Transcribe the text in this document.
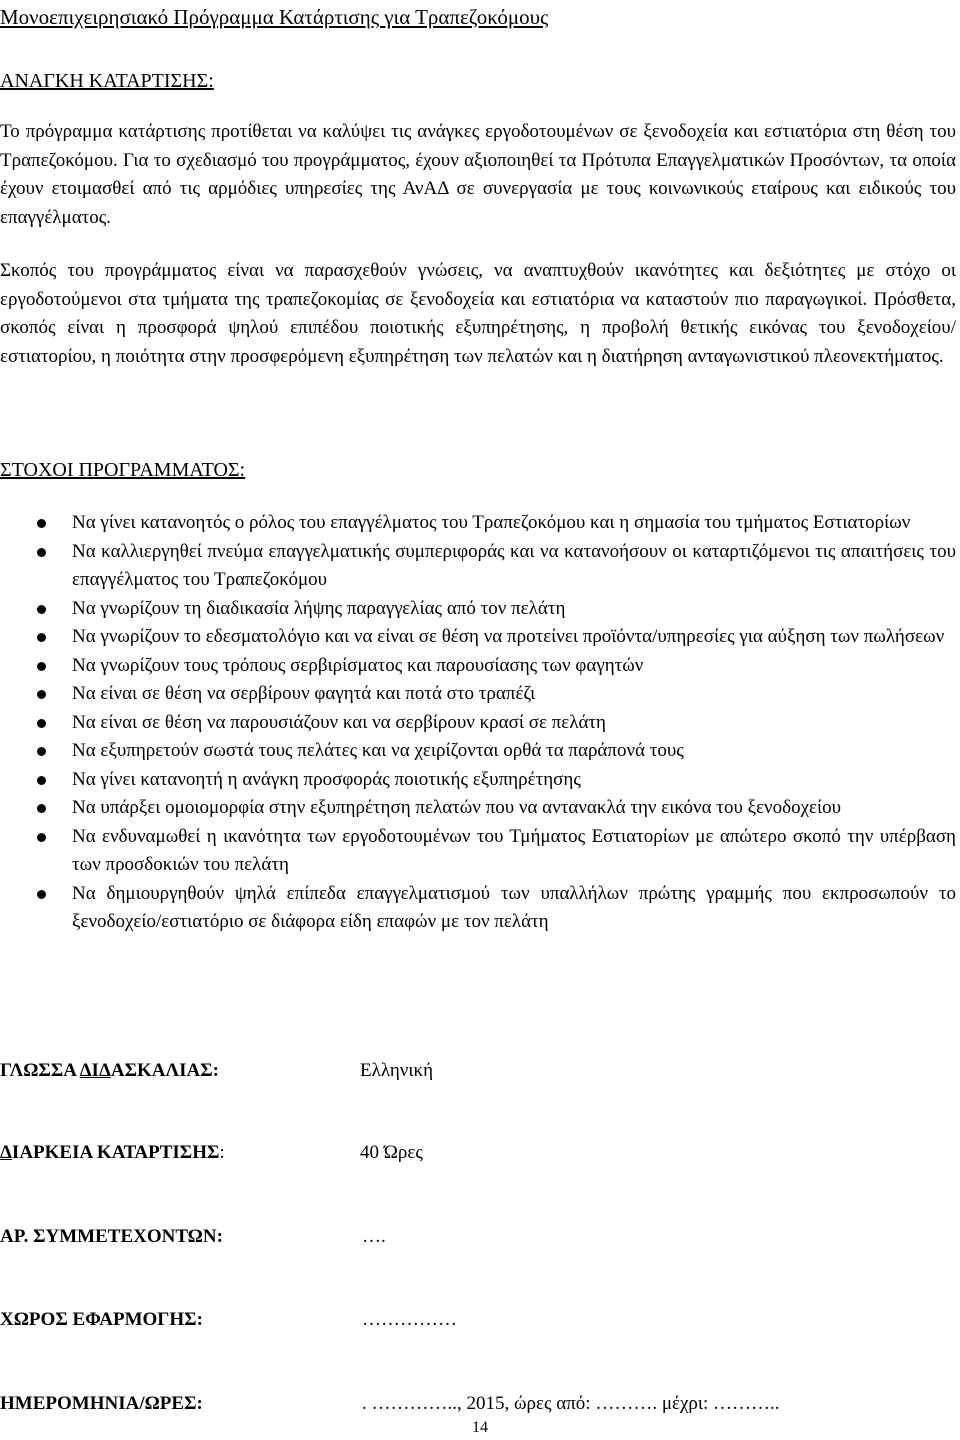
Μονοεπιχειρησιακό Πρόγραμμα Κατάρτισης για Τραπεζοκόμους
ΑΝΑΓΚΗ ΚΑΤΑΡΤΙΣΗΣ:

Το πρόγραμμα κατάρτισης προτίθεται να καλύψει τις ανάγκες εργοδοτουμένων σε ξενοδοχεία και εστιατόρια στη θέση του Τραπεζοκόμου. Για το σχεδιασμό του προγράμματος, έχουν αξιοποιηθεί τα Πρότυπα Επαγγελματικών Προσόντων, τα οποία έχουν ετοιμασθεί από τις αρμόδιες υπηρεσίες της ΑνΑΔ σε συνεργασία με τους κοινωνικούς εταίρους και ειδικούς του επαγγέλματος.

Σκοπός του προγράμματος είναι να παρασχεθούν γνώσεις, να αναπτυχθούν ικανότητες και δεξιότητες με στόχο οι εργοδοτούμενοι στα τμήματα της τραπεζοκομίας σε ξενοδοχεία και εστιατόρια να καταστούν πιο παραγωγικοί. Πρόσθετα, σκοπός είναι η προσφορά ψηλού επιπέδου ποιοτικής εξυπηρέτησης, η προβολή θετικής εικόνας του ξενοδοχείου/εστιατορίου, η ποιότητα στην προσφερόμενη εξυπηρέτηση των πελατών και η διατήρηση ανταγωνιστικού πλεονεκτήματος.

ΣΤΟΧΟΙ ΠΡΟΓΡΑΜΜΑΤΟΣ:
Να γίνει κατανοητός ο ρόλος του επαγγέλματος του Τραπεζοκόμου και η σημασία του τμήματος Εστιατορίων
Να καλλιεργηθεί πνεύμα επαγγελματικής συμπεριφοράς και να κατανοήσουν οι καταρτιζόμενοι τις απαιτήσεις του επαγγέλματος του Τραπεζοκόμου
Να γνωρίζουν τη διαδικασία λήψης παραγγελίας από τον πελάτη
Να γνωρίζουν το εδεσματολόγιο και να είναι σε θέση να προτείνει προϊόντα/υπηρεσίες για αύξηση των πωλήσεων
Να γνωρίζουν τους τρόπους σερβιρίσματος και παρουσίασης των φαγητών
Να είναι σε θέση να σερβίρουν φαγητά και ποτά στο τραπέζι
Να είναι σε θέση να παρουσιάζουν και να σερβίρουν κρασί σε πελάτη
Να εξυπηρετούν σωστά τους πελάτες και να χειρίζονται ορθά τα παράπονά τους
Να γίνει κατανοητή η ανάγκη προσφοράς ποιοτικής εξυπηρέτησης
Να υπάρξει ομοιομορφία στην εξυπηρέτηση πελατών που να αντανακλά την εικόνα του ξενοδοχείου
Να ενδυναμωθεί η ικανότητα των εργοδοτουμένων του Τμήματος Εστιατορίων με απώτερο σκοπό την υπέρβαση των προσδοκιών του πελάτη
Να δημιουργηθούν ψηλά επίπεδα επαγγελματισμού των υπαλλήλων πρώτης γραμμής που εκπροσωπούν το ξενοδοχείο/εστιατόριο σε διάφορα είδη επαφών με τον πελάτη
ΓΛΩΣΣΑ ΔΙΔΑΣΚΑΛΙΑΣ:	Ελληνική
ΔΙΑΡΚΕΙΑ ΚΑΤΑΡΤΙΣΗΣ:	40 Ώρες
ΑΡ. ΣΥΜΜΕΤΕΧΟΝΤΩΝ:	….
ΧΩΡΟΣ ΕΦΑΡΜΟΓΗΣ:	……………
ΗΜΕΡΟΜΗΝΙΑ/ΩΡΕΣ:	. ………….., 2015, ώρες από: ………. μέχρι: ………..
14
